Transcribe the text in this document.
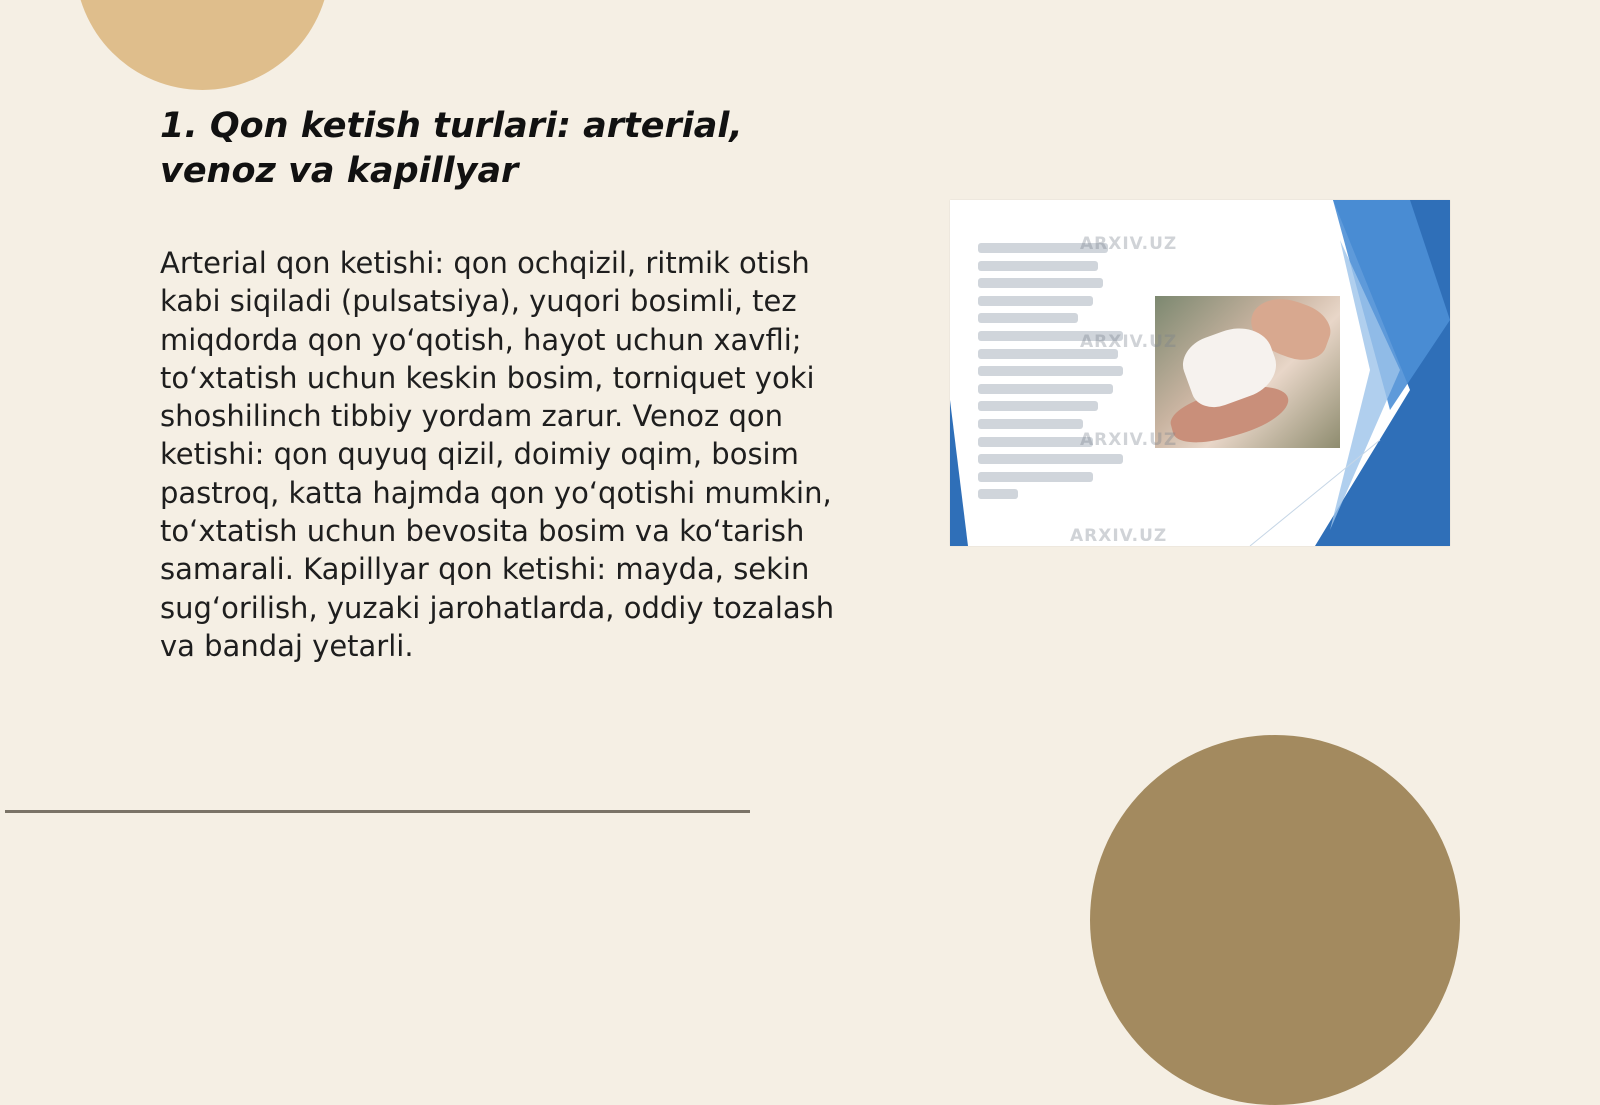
1. Qon ketish turlari: arterial, venoz va kapillyar

Arterial qon ketishi: qon ochqizil, ritmik otish kabi siqiladi (pulsatsiya), yuqori bosimli, tez miqdorda qon yo‘qotish, hayot uchun xavfli; to‘xtatish uchun keskin bosim, torniquet yoki shoshilinch tibbiy yordam zarur. Venoz qon ketishi: qon quyuq qizil, doimiy oqim, bosim pastroq, katta hajmda qon yo‘qotishi mumkin, to‘xtatish uchun bevosita bosim va ko‘tarish samarali. Kapillyar qon ketishi: mayda, sekin sug‘orilish, yuzaki jarohatlarda, oddiy tozalash va bandaj yetarli.

ARXIV.UZ
ARXIV.UZ
ARXIV.UZ
ARXIV.UZ
